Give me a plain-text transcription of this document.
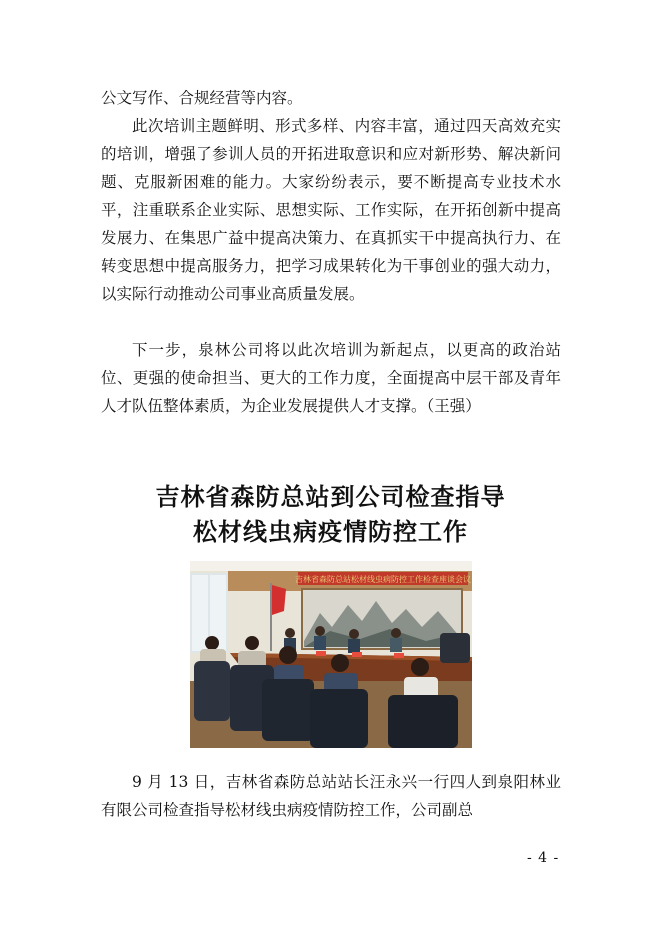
公文写作、合规经营等内容。

此次培训主题鲜明、形式多样、内容丰富，通过四天高效充实的培训，增强了参训人员的开拓进取意识和应对新形势、解决新问题、克服新困难的能力。大家纷纷表示，要不断提高专业技术水平，注重联系企业实际、思想实际、工作实际，在开拓创新中提高发展力、在集思广益中提高决策力、在真抓实干中提高执行力、在转变思想中提高服务力，把学习成果转化为干事创业的强大动力，以实际行动推动公司事业高质量发展。

下一步，泉林公司将以此次培训为新起点，以更高的政治站位、更强的使命担当、更大的工作力度，全面提高中层干部及青年人才队伍整体素质，为企业发展提供人才支撑。（王强）

吉林省森防总站到公司检查指导
松材线虫病疫情防控工作
吉林省森防总站松材线虫病防控工作检查座谈会议

9 月 13 日，吉林省森防总站站长汪永兴一行四人到泉阳林业有限公司检查指导松材线虫病疫情防控工作，公司副总

- 4 -
